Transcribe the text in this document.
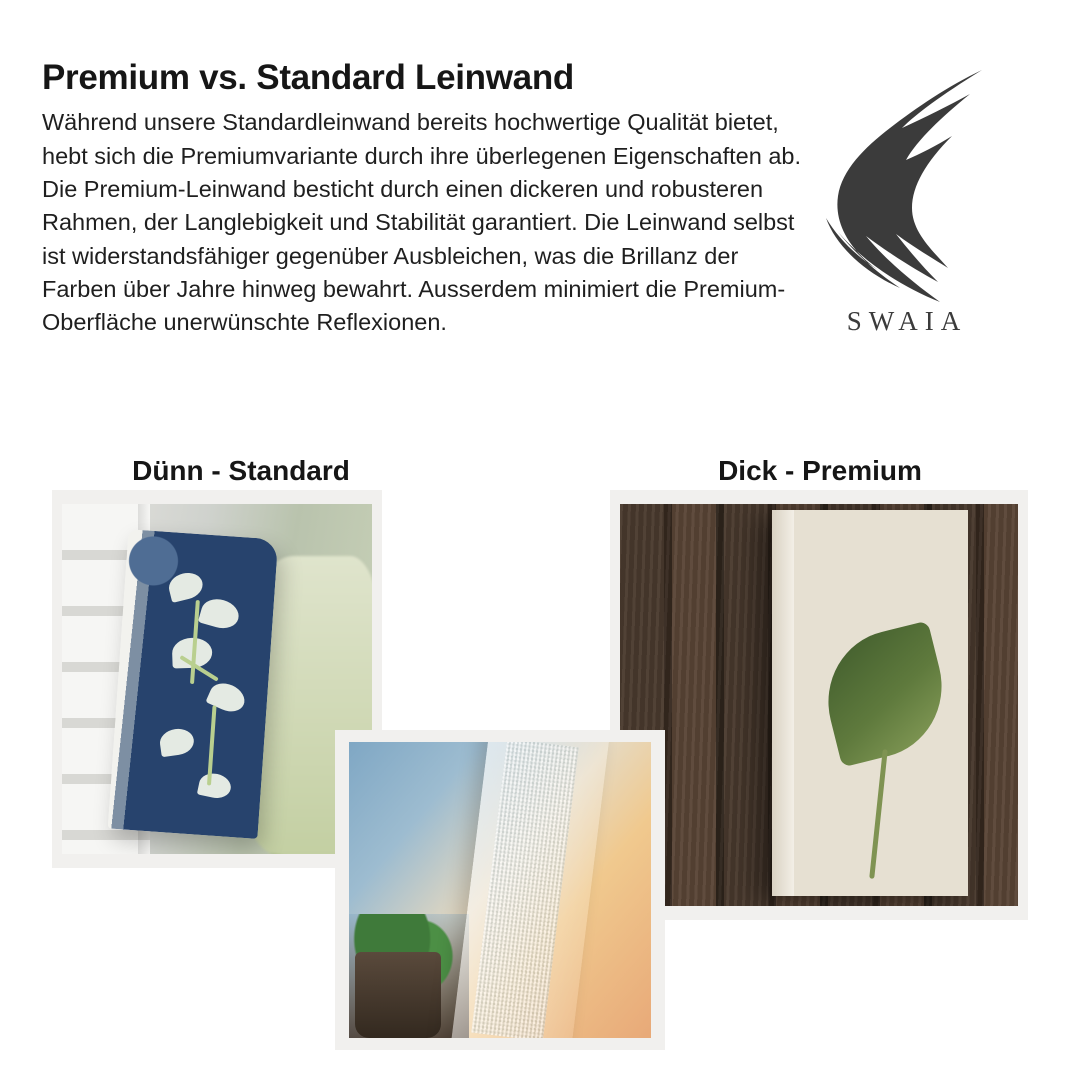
Premium vs. Standard Leinwand

Während unsere Standardleinwand bereits hochwertige Qualität bietet, hebt sich die Premiumvariante durch ihre überlegenen Eigenschaften ab. Die Premium-Leinwand besticht durch einen dickeren und robusteren Rahmen, der Langlebigkeit und Stabilität garantiert. Die Leinwand selbst ist widerstandsfähiger gegenüber Ausbleichen, was die Brillanz der Farben über Jahre hinweg bewahrt. Ausserdem minimiert die Premium-Oberfläche unerwünschte Reflexionen.	SWAIA
Dünn - Standard	Dick - Premium
